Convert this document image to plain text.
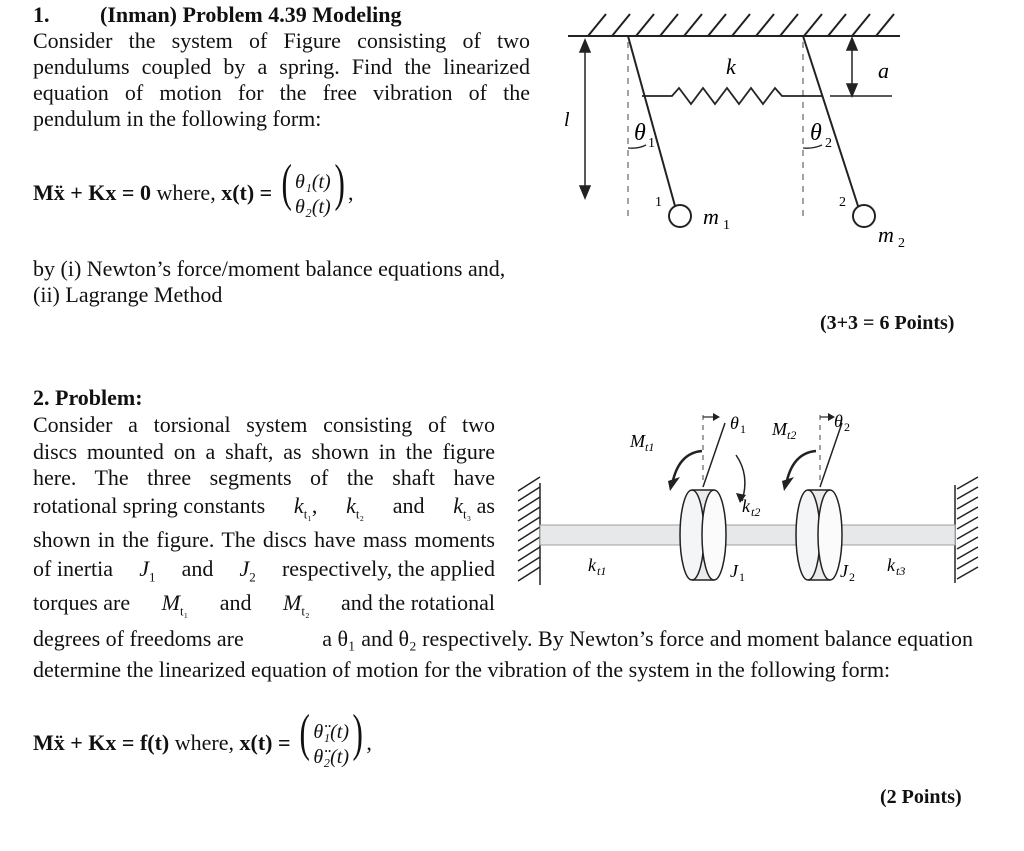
1. (Inman) Problem 4.39 Modeling
Consider the system of Figure consisting of two
pendulums coupled by a spring. Find the linearized
equation of motion for the free vibration of the
pendulum in the following form:
Mẍ + Kx = 0 where, x(t) = ( θ₁(t)
θ₂(t)) ,
by (i) Newton’s force/moment balance equations and,
(ii) Lagrange Method
(3+3 = 6 Points)
l	θ 1
1
m 1
θ 2
2
m 2
k	a
2. Problem:
Consider a torsional system consisting of two
discs mounted on a shaft, as shown in the figure
here. The three segments of the shaft have
rotational spring constants $k_{t_1}$, $k_{t_2}$ and $k_{t_3}$ as
shown in the figure. The discs have mass moments
of inertia $J_1$ and $J_2$ respectively, the applied
torques are $M_{t_1}$ and $M_{t_2}$ and the rotational
degrees of freedoms are	a θ₁ and θ₂ respectively. By Newton’s force and moment balance equation
determine the linearized equation of motion for the vibration of the system in the following form:
Mẍ + Kx = f(t) where, x(t) = ( θ̈₁(t)
θ̈₂(t)) ,
(2 Points)
θ 1	θ 2
M t1
M t2
k t1
k t2
k t3
J 1	J 2
